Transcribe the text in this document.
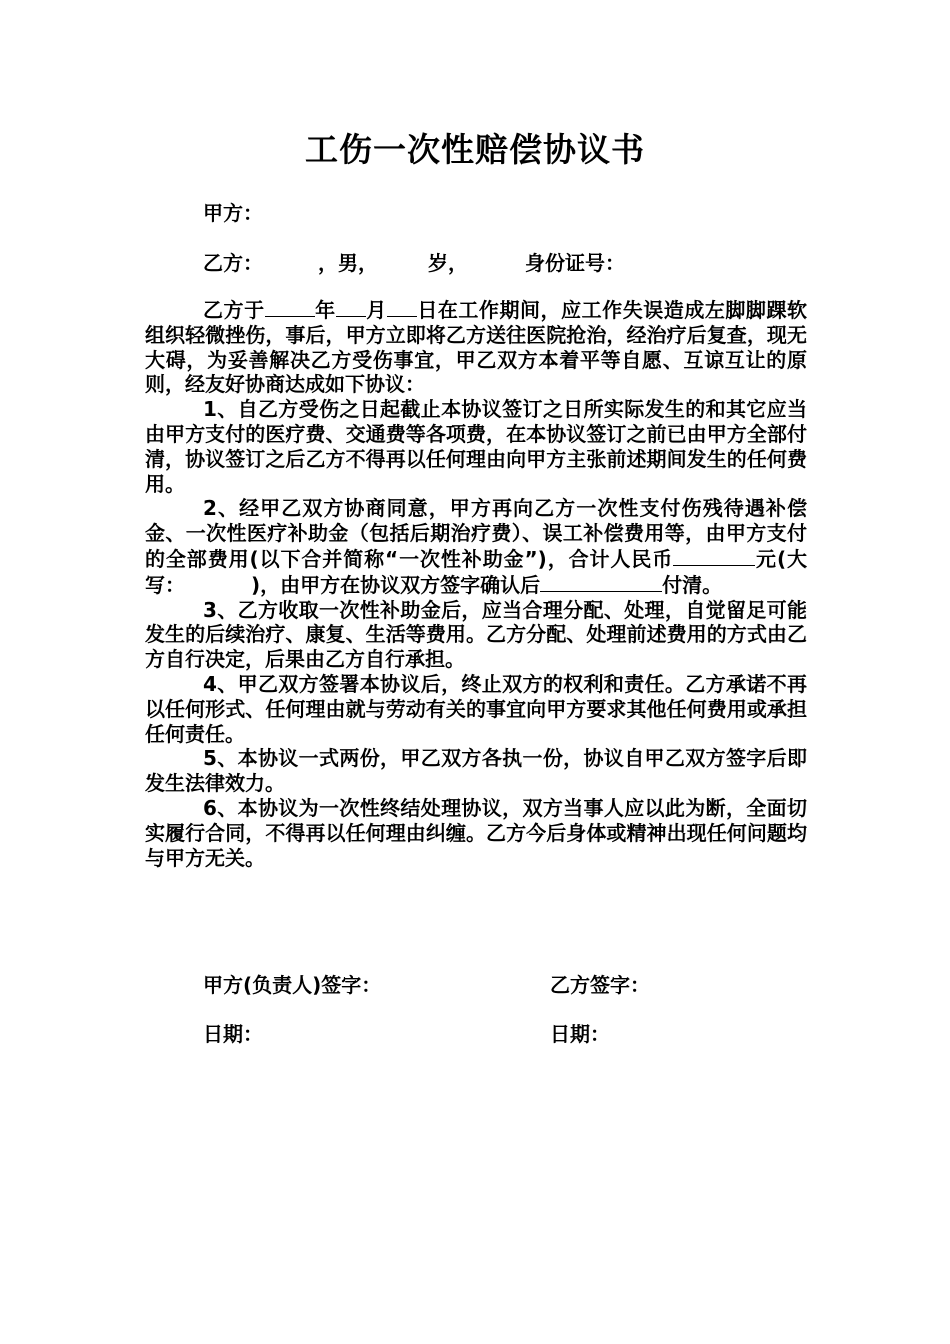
工伤一次性赔偿协议书
甲方：
乙方：	，男，	岁，	身份证号：

乙方于	年 月 日在工作期间，应工作失误造成左脚脚踝软组织轻微挫伤，事后，甲方立即将乙方送往医院抢治，经治疗后复查，现无大碍，为妥善解决乙方受伤事宜，甲乙双方本着平等自愿、互谅互让的原则，经友好协商达成如下协议：

1、自乙方受伤之日起截止本协议签订之日所实际发生的和其它应当由甲方支付的医疗费、交通费等各项费，在本协议签订之前已由甲方全部付清，协议签订之后乙方不得再以任何理由向甲方主张前述期间发生的任何费用。

2、经甲乙双方协商同意，甲方再向乙方一次性支付伤残待遇补偿金、一次性医疗补助金（包括后期治疗费）、误工补偿费用等，由甲方支付的全部费用(以下合并简称“一次性补助金”)，合计人民币	元(大写：	)，由甲方在协议双方签字确认后	付清。

3、乙方收取一次性补助金后，应当合理分配、处理，自觉留足可能发生的后续治疗、康复、生活等费用。乙方分配、处理前述费用的方式由乙方自行决定，后果由乙方自行承担。

4、甲乙双方签署本协议后，终止双方的权利和责任。乙方承诺不再以任何形式、任何理由就与劳动有关的事宜向甲方要求其他任何费用或承担任何责任。

5、本协议一式两份，甲乙双方各执一份，协议自甲乙双方签字后即发生法律效力。

6、本协议为一次性终结处理协议，双方当事人应以此为断，全面切实履行合同，不得再以任何理由纠缠。乙方今后身体或精神出现任何问题均与甲方无关。

甲方(负责人)签字：	乙方签字：
日期：	日期：
